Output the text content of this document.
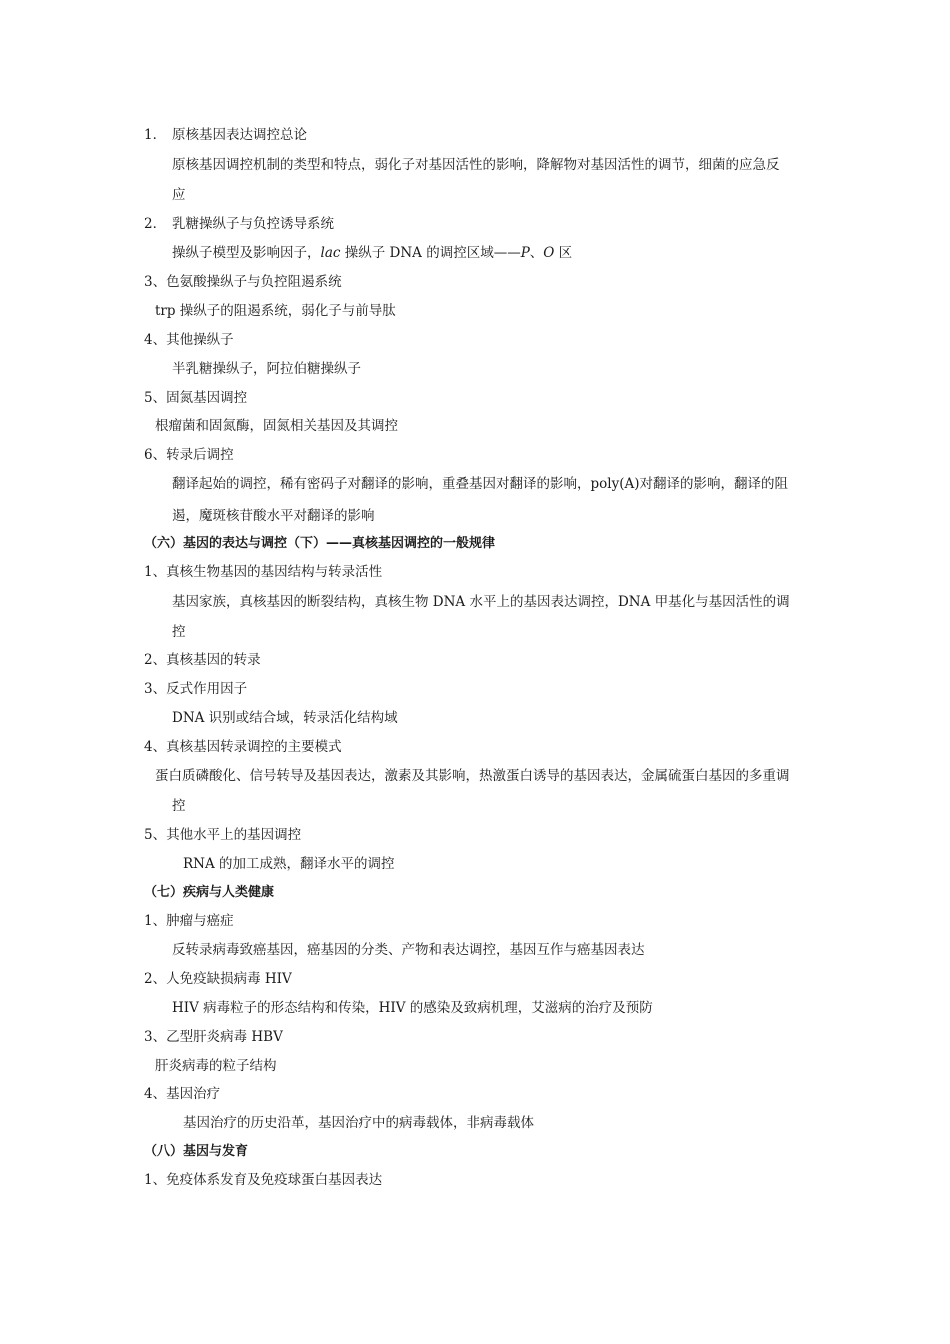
1． 原核基因表达调控总论
原核基因调控机制的类型和特点，弱化子对基因活性的影响，降解物对基因活性的调节，细菌的应急反
应
2． 乳糖操纵子与负控诱导系统
操纵子模型及影响因子，lac 操纵子 DNA 的调控区域——P、O 区
3、色氨酸操纵子与负控阻遏系统
trp 操纵子的阻遏系统，弱化子与前导肽
4、其他操纵子
半乳糖操纵子，阿拉伯糖操纵子
5、固氮基因调控
根瘤菌和固氮酶，固氮相关基因及其调控
6、转录后调控
翻译起始的调控，稀有密码子对翻译的影响，重叠基因对翻译的影响，poly(A)对翻译的影响，翻译的阻
遏，魔斑核苷酸水平对翻译的影响
（六）基因的表达与调控（下）——真核基因调控的一般规律
1、真核生物基因的基因结构与转录活性
基因家族，真核基因的断裂结构，真核生物 DNA 水平上的基因表达调控，DNA 甲基化与基因活性的调
控
2、真核基因的转录
3、反式作用因子
DNA 识别或结合域，转录活化结构域
4、真核基因转录调控的主要模式
蛋白质磷酸化、信号转导及基因表达，激素及其影响，热激蛋白诱导的基因表达，金属硫蛋白基因的多重调
控
5、其他水平上的基因调控
RNA 的加工成熟，翻译水平的调控
（七）疾病与人类健康
1、肿瘤与癌症
反转录病毒致癌基因，癌基因的分类、产物和表达调控，基因互作与癌基因表达
2、人免疫缺损病毒 HIV
HIV 病毒粒子的形态结构和传染，HIV 的感染及致病机理，艾滋病的治疗及预防
3、乙型肝炎病毒 HBV
肝炎病毒的粒子结构
4、基因治疗
基因治疗的历史沿革，基因治疗中的病毒载体，非病毒载体
（八）基因与发育
1、免疫体系发育及免疫球蛋白基因表达
